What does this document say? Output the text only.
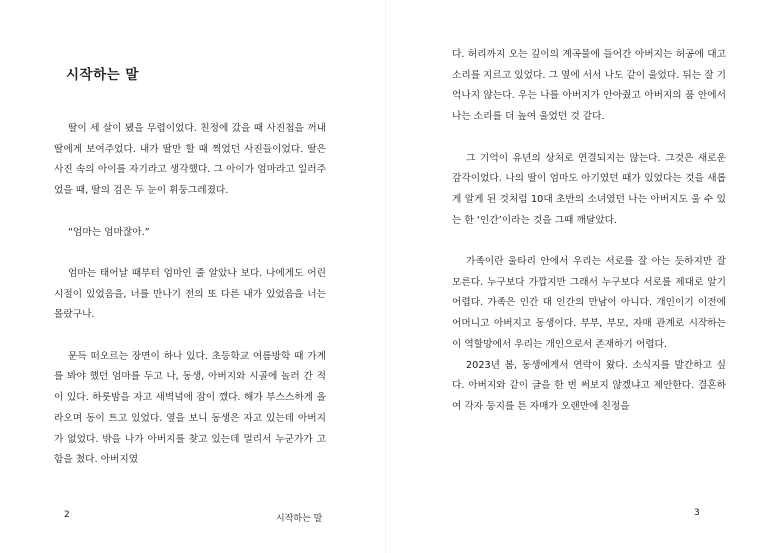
시작하는 말

딸이 세 살이 됐을 무렵이었다. 친정에 갔을 때 사진첩을 꺼내 딸에게 보여주었다. 내가 딸만 할 때 찍었던 사진들이었다. 딸은 사진 속의 아이를 자기라고 생각했다. 그 아이가 엄마라고 일러주었을 때, 딸의 검은 두 눈이 휘둥그레졌다.

“엄마는 엄마잖아.”

엄마는 태어날 때부터 엄마인 줄 알았나 보다. 나에게도 어린 시절이 있었음을, 너를 만나기 전의 또 다른 내가 있었음을 너는 몰랐구나.

문득 떠오르는 장면이 하나 있다. 초등학교 여름방학 때 가게를 봐야 했던 엄마를 두고 나, 동생, 아버지와 시골에 놀러 간 적이 있다. 하룻밤을 자고 새벽녘에 잠이 깼다. 해가 부스스하게 올라오며 동이 트고 있었다. 옆을 보니 동생은 자고 있는데 아버지가 없었다. 밖을 나가 아버지를 찾고 있는데 멀리서 누군가가 고함을 쳤다. 아버지였

2	시작하는 말

다. 허리까지 오는 깊이의 계곡물에 들어간 아버지는 허공에 대고 소리를 지르고 있었다. 그 옆에 서서 나도 같이 울었다. 뒤는 잘 기억나지 않는다. 우는 나를 아버지가 안아줬고 아버지의 품 안에서 나는 소리를 더 높여 울었던 것 같다.

그 기억이 유년의 상처로 연결되지는 않는다. 그것은 새로운 감각이었다. 나의 딸이 엄마도 아기였던 때가 있었다는 것을 새롭게 알게 된 것처럼 10대 초반의 소녀였던 나는 아버지도 울 수 있는 한 ‘인간’이라는 것을 그때 깨달았다.

가족이란 울타리 안에서 우리는 서로를 잘 아는 듯하지만 잘 모른다. 누구보다 가깝지만 그래서 누구보다 서로를 제대로 알기 어렵다. 가족은 인간 대 인간의 만남이 아니다. 개인이기 이전에 어머니고 아버지고 동생이다. 부부, 부모, 자매 관계로 시작하는 이 역할망에서 우리는 개인으로서 존재하기 어렵다.

2023년 봄, 동생에게서 연락이 왔다. 소식지를 발간하고 싶다. 아버지와 같이 글을 한 번 써보지 않겠냐고 제안한다. 결혼하여 각자 둥지를 튼 자매가 오랜만에 친정을

3
